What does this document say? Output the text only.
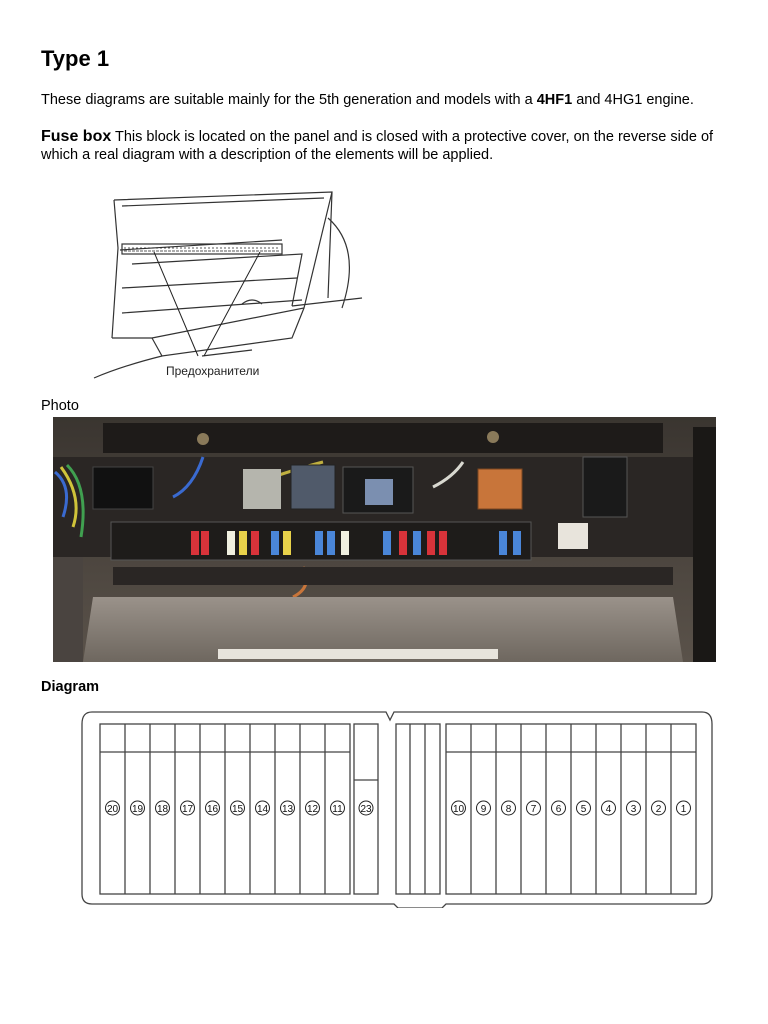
Type 1

These diagrams are suitable mainly for the 5th generation and models with a 4HF1 and 4HG1 engine.

Fuse box This block is located on the panel and is closed with a protective cover, on the reverse side of which a real diagram with a description of the elements will be applied.

Предохранители

Photo

Diagram

20 19 18 17 16 15 14 13 12 11 23	10 9 8 7 6 5 4 3 2 1
